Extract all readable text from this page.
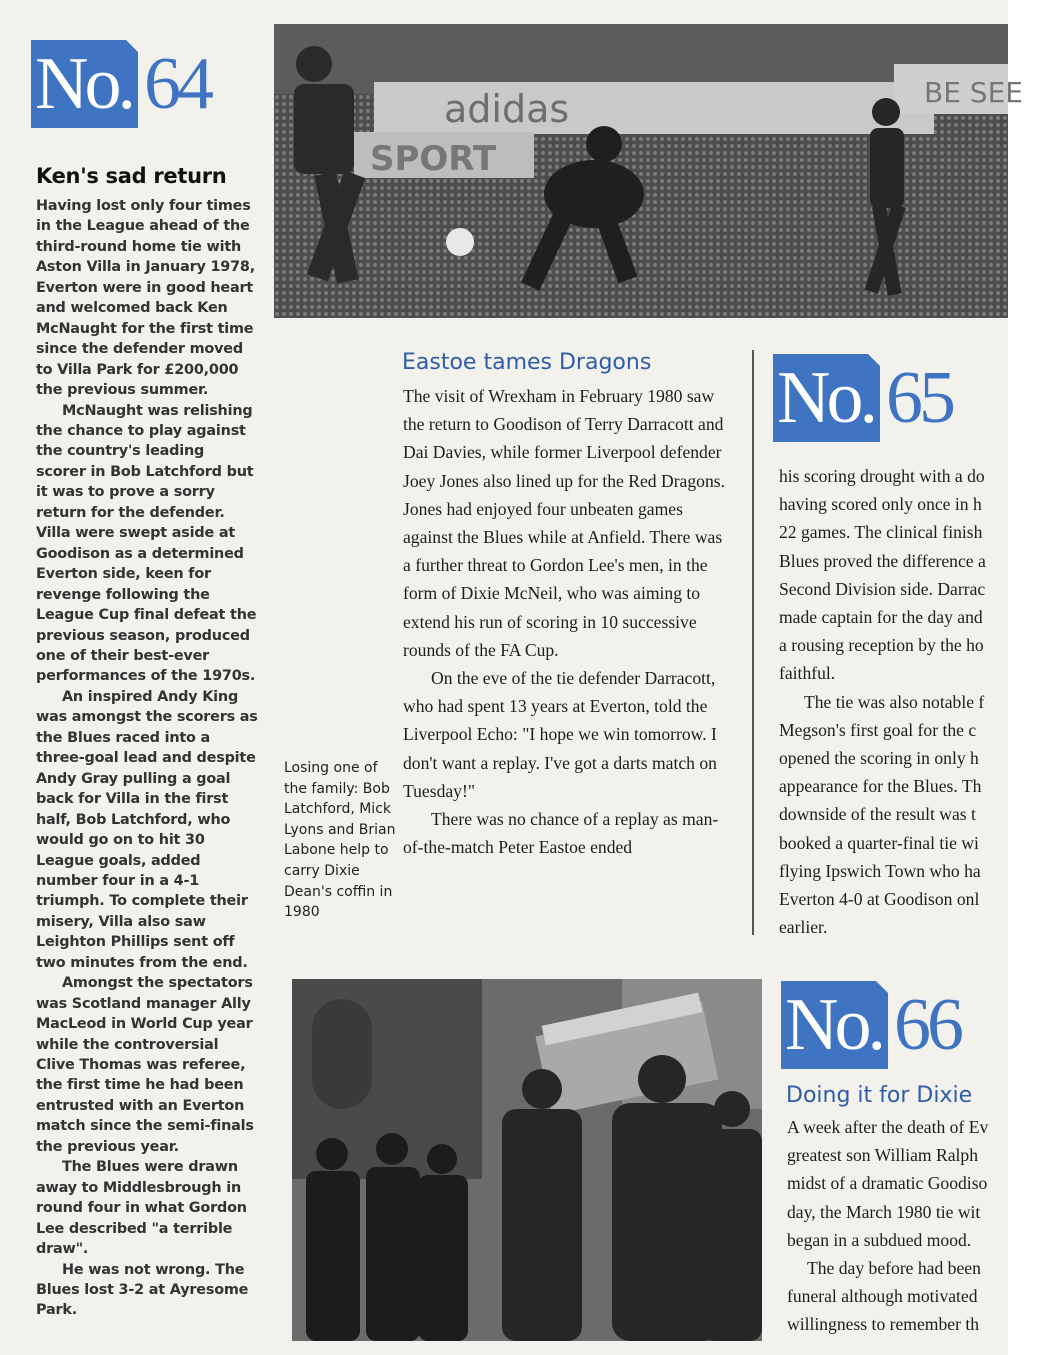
No. 64
Ken's sad return

Having lost only four times in the League ahead of the third-round home tie with Aston Villa in January 1978, Everton were in good heart and welcomed back Ken McNaught for the first time since the defender moved to Villa Park for £200,000 the previous summer.

McNaught was relishing the chance to play against the country's leading scorer in Bob Latchford but it was to prove a sorry return for the defender. Villa were swept aside at Goodison as a determined Everton side, keen for revenge following the League Cup final defeat the previous season, produced one of their best-ever performances of the 1970s.

An inspired Andy King was amongst the scorers as the Blues raced into a three-goal lead and despite Andy Gray pulling a goal back for Villa in the first half, Bob Latchford, who would go on to hit 30 League goals, added number four in a 4-1 triumph. To complete their misery, Villa also saw Leighton Phillips sent off two minutes from the end.

Amongst the spectators was Scotland manager Ally MacLeod in World Cup year while the controversial Clive Thomas was referee, the first time he had been entrusted with an Everton match since the semi-finals the previous year.

The Blues were drawn away to Middlesbrough in round four in what Gordon Lee described "a terrible draw".

He was not wrong. The Blues lost 3-2 at Ayresome Park.

adidas
SPORT
BE SEE
Eastoe tames Dragons

The visit of Wrexham in February 1980 saw the return to Goodison of Terry Darracott and Dai Davies, while former Liverpool defender Joey Jones also lined up for the Red Dragons. Jones had enjoyed four unbeaten games against the Blues while at Anfield. There was a further threat to Gordon Lee's men, in the form of Dixie McNeil, who was aiming to extend his run of scoring in 10 successive rounds of the FA Cup.

On the eve of the tie defender Darracott, who had spent 13 years at Everton, told the Liverpool Echo: "I hope we win tomorrow. I don't want a replay. I've got a darts match on Tuesday!"

There was no chance of a replay as man-of-the-match Peter Eastoe ended

Losing one of the family: Bob Latchford, Mick Lyons and Brian Labone help to carry Dixie Dean's coffin in 1980

No. 65

his scoring drought with a do

having scored only once in h

22 games. The clinical finish

Blues proved the difference a

Second Division side. Darrac

made captain for the day and

a rousing reception by the ho

faithful.

The tie was also notable f

Megson's first goal for the c

opened the scoring in only h

appearance for the Blues. Th

downside of the result was t

booked a quarter-final tie wi

flying Ipswich Town who ha

Everton 4-0 at Goodison onl

earlier.

No. 66
Doing it for Dixie

A week after the death of Ev

greatest son William Ralph

midst of a dramatic Goodiso

day, the March 1980 tie wit

began in a subdued mood.

The day before had been

funeral although motivated

willingness to remember th
